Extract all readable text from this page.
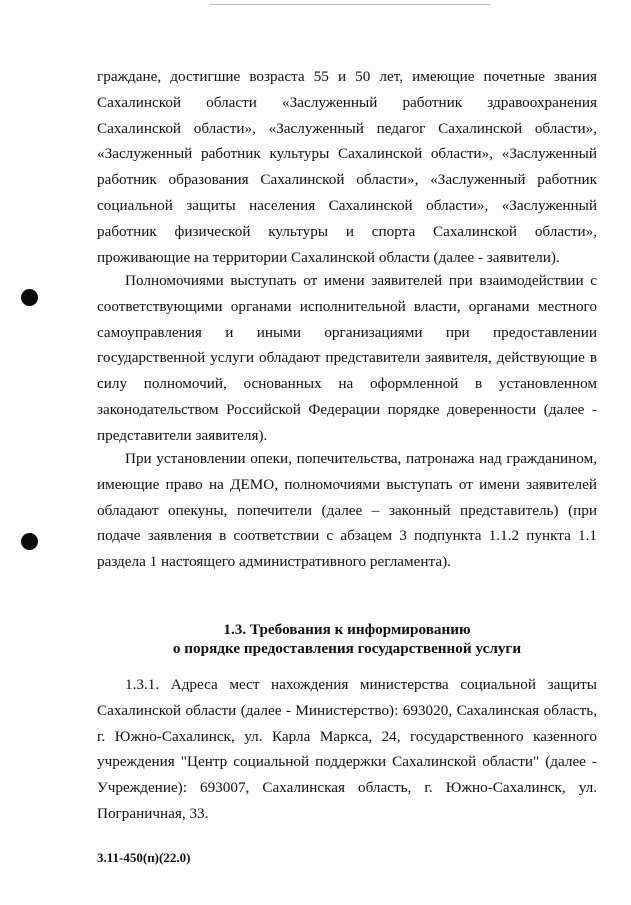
граждане, достигшие возраста 55 и 50 лет, имеющие почетные звания Сахалинской области «Заслуженный работник здравоохранения Сахалинской области», «Заслуженный педагог Сахалинской области», «Заслуженный работник культуры Сахалинской области», «Заслуженный работник образования Сахалинской области», «Заслуженный работник социальной защиты населения Сахалинской области», «Заслуженный работник физической культуры и спорта Сахалинской области», проживающие на территории Сахалинской области (далее - заявители).

Полномочиями выступать от имени заявителей при взаимодействии с соответствующими органами исполнительной власти, органами местного самоуправления и иными организациями при предоставлении государственной услуги обладают представители заявителя, действующие в силу полномочий, основанных на оформленной в установленном законодательством Российской Федерации порядке доверенности (далее - представители заявителя).

При установлении опеки, попечительства, патронажа над гражданином, имеющие право на ДЕМО, полномочиями выступать от имени заявителей обладают опекуны, попечители (далее – законный представитель) (при подаче заявления в соответствии с абзацем 3 подпункта 1.1.2 пункта 1.1 раздела 1 настоящего административного регламента).

1.3. Требования к информированию
о порядке предоставления государственной услуги

1.3.1. Адреса мест нахождения министерства социальной защиты Сахалинской области (далее - Министерство): 693020, Сахалинская область, г. Южно-Сахалинск, ул. Карла Маркса, 24, государственного казенного учреждения "Центр социальной поддержки Сахалинской области" (далее - Учреждение): 693007, Сахалинская область, г. Южно-Сахалинск, ул. Пограничная, 33.

3.11-450(п)(22.0)
